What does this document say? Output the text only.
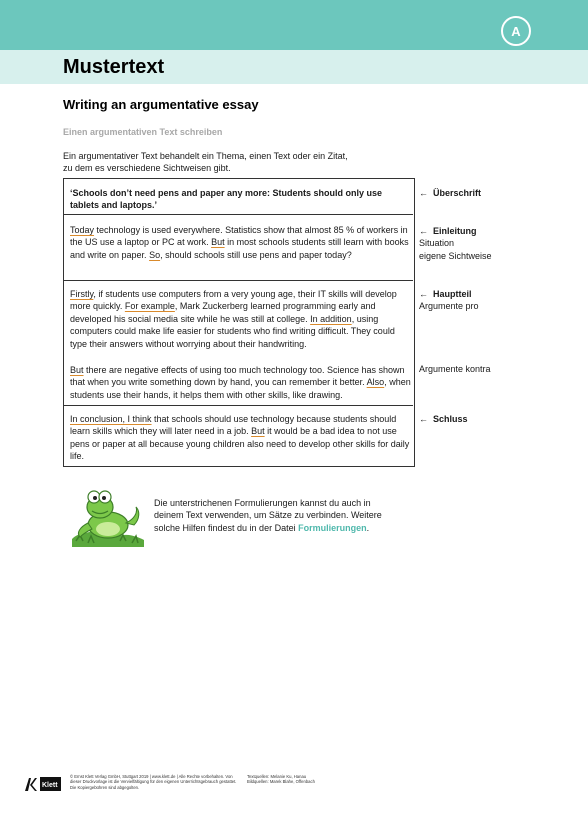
A
Mustertext
Writing an argumentative essay
Einen argumentativen Text schreiben
Ein argumentativer Text behandelt ein Thema, einen Text oder ein Zitat,
zu dem es verschiedene Sichtweisen gibt.
‘Schools don’t need pens and paper any more: Students should only use
tablets and laptops.’
Today technology is used everywhere. Statistics show that almost 85 % of workers in the US use a laptop or PC at work. But in most schools students still learn with books and write on paper. So, should schools still use pens and paper today?
Firstly, if students use computers from a very young age, their IT skills will develop more quickly. For example, Mark Zuckerberg learned programming early and developed his social media site while he was still at college. In addition, using computers could make life easier for students who find writing difficult. They could type their answers without worrying about their handwriting.
But there are negative effects of using too much technology too. Science has shown that when you write something down by hand, you can remember it better. Also, when students use their hands, it helps them with other skills, like drawing.
In conclusion, I think that schools should use technology because students should learn skills which they will later need in a job. But it would be a bad idea to not use pens or paper at all because young children also need to develop other skills for daily life.
← Überschrift
← Einleitung
Situation
eigene Sichtweise
← Hauptteil
Argumente pro
Argumente kontra
← Schluss
Die unterstrichenen Formulierungen kannst du auch in deinem Text verwenden, um Sätze zu verbinden. Weitere solche Hilfen findest du in der Datei Formulierungen.
Klett
© Ernst Klett Verlag GmbH, Stuttgart 2019 | www.klett.de | Alle Rechte vorbehalten. Von dieser Druckvorlage ist die Vervielfältigung für den eigenen Unterrichtsgebrauch gestattet. Die Kopiergebühren sind abgegolten.
Textquellen: Melanie Ku, Hanau
Bildquellen: Marek Blahe, Offenbach
